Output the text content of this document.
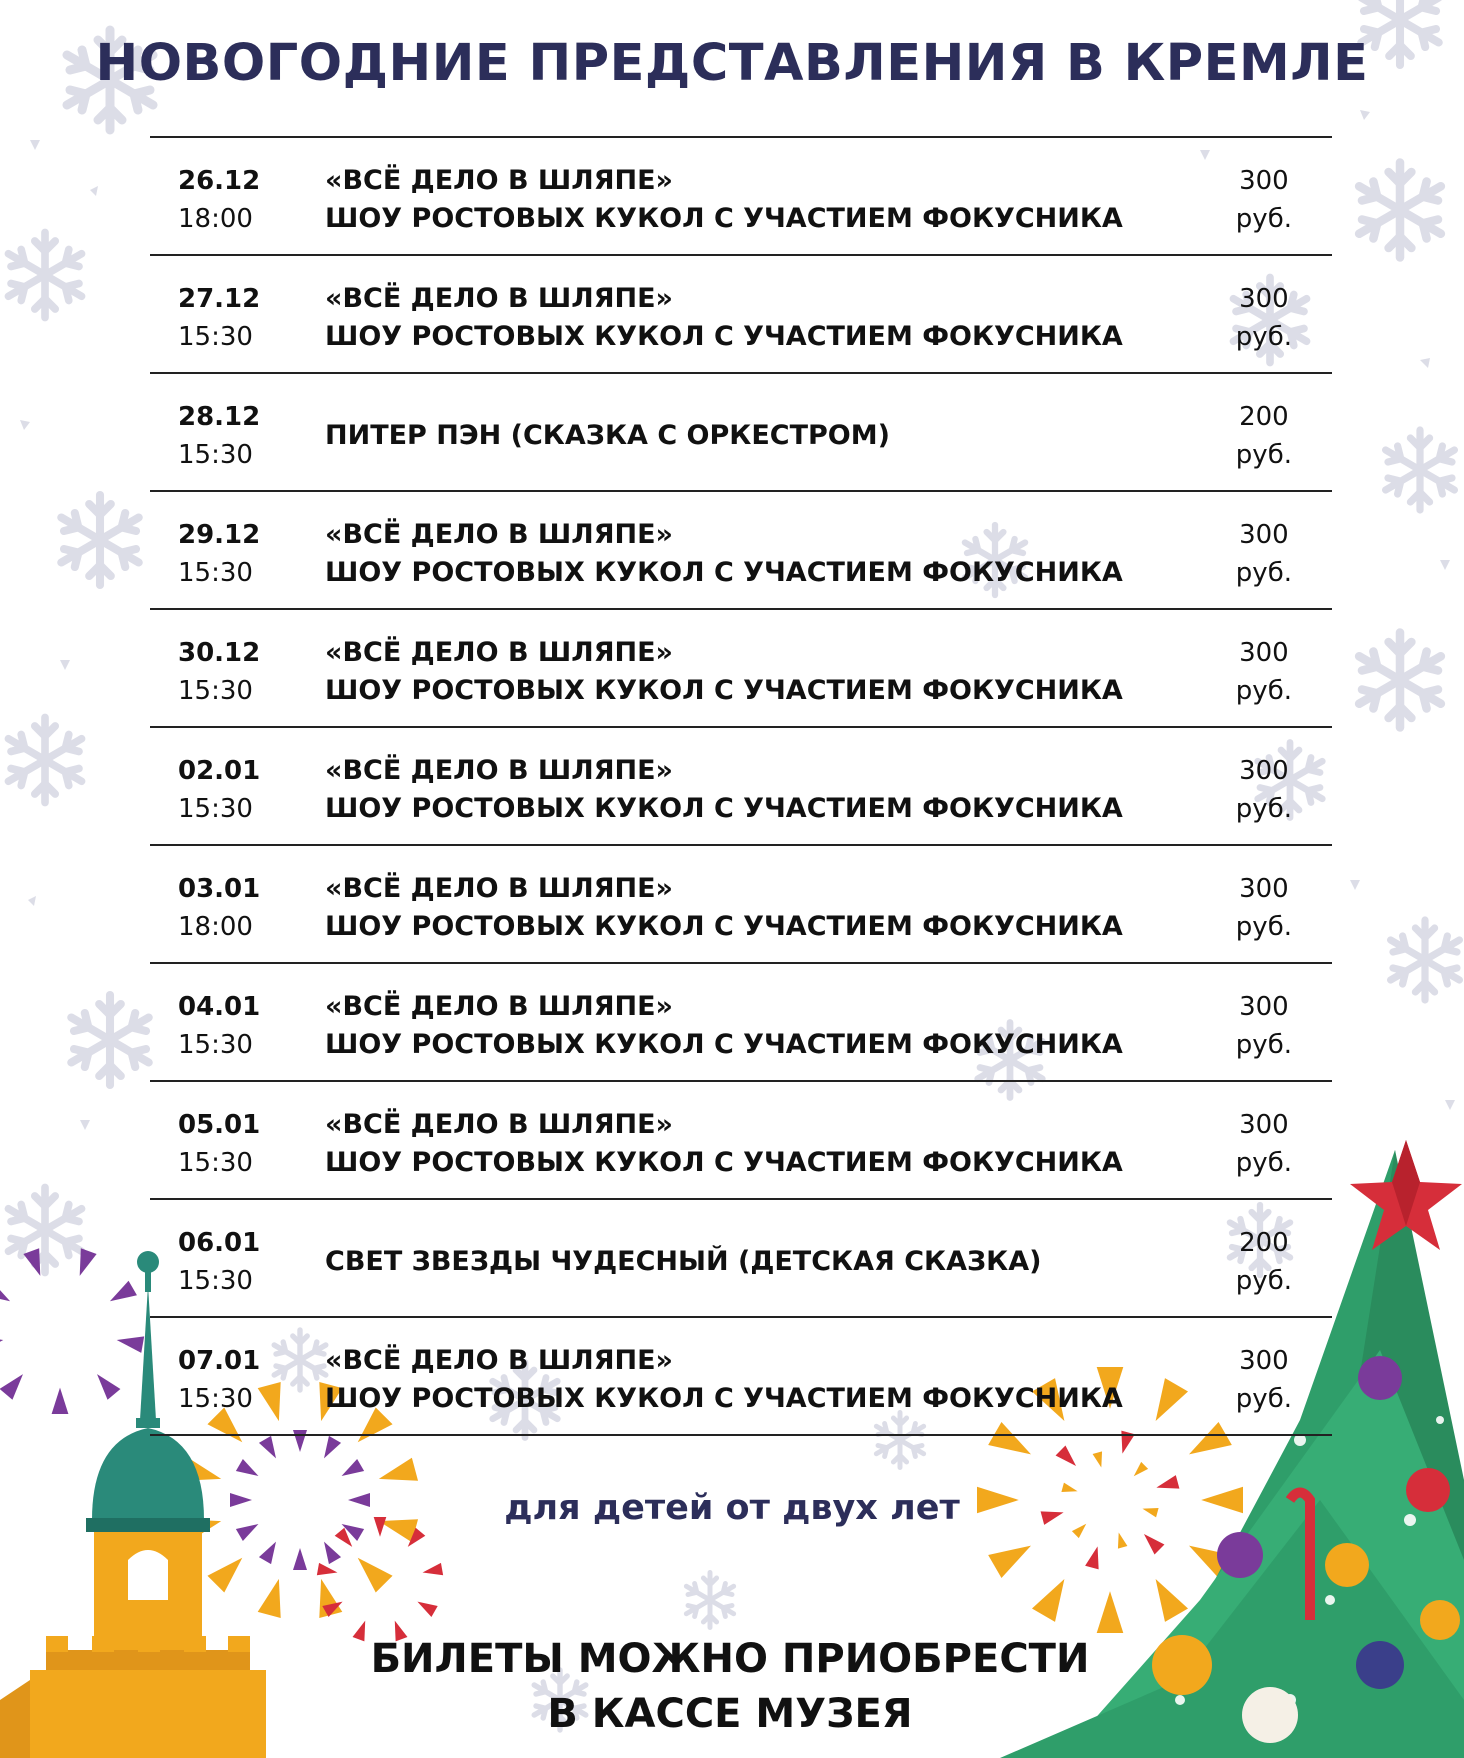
НОВОГОДНИЕ ПРЕДСТАВЛЕНИЯ В КРЕМЛЕ
26.12
18:00
«ВСЁ ДЕЛО В ШЛЯПЕ»
ШОУ РОСТОВЫХ КУКОЛ С УЧАСТИЕМ ФОКУСНИКА
300
руб.
27.12
15:30
«ВСЁ ДЕЛО В ШЛЯПЕ»
ШОУ РОСТОВЫХ КУКОЛ С УЧАСТИЕМ ФОКУСНИКА
300
руб.
28.12
15:30
ПИТЕР ПЭН (СКАЗКА С ОРКЕСТРОМ)
200
руб.
29.12
15:30
«ВСЁ ДЕЛО В ШЛЯПЕ»
ШОУ РОСТОВЫХ КУКОЛ С УЧАСТИЕМ ФОКУСНИКА
300
руб.
30.12
15:30
«ВСЁ ДЕЛО В ШЛЯПЕ»
ШОУ РОСТОВЫХ КУКОЛ С УЧАСТИЕМ ФОКУСНИКА
300
руб.
02.01
15:30
«ВСЁ ДЕЛО В ШЛЯПЕ»
ШОУ РОСТОВЫХ КУКОЛ С УЧАСТИЕМ ФОКУСНИКА
300
руб.
03.01
18:00
«ВСЁ ДЕЛО В ШЛЯПЕ»
ШОУ РОСТОВЫХ КУКОЛ С УЧАСТИЕМ ФОКУСНИКА
300
руб.
04.01
15:30
«ВСЁ ДЕЛО В ШЛЯПЕ»
ШОУ РОСТОВЫХ КУКОЛ С УЧАСТИЕМ ФОКУСНИКА
300
руб.
05.01
15:30
«ВСЁ ДЕЛО В ШЛЯПЕ»
ШОУ РОСТОВЫХ КУКОЛ С УЧАСТИЕМ ФОКУСНИКА
300
руб.
06.01
15:30
СВЕТ ЗВЕЗДЫ ЧУДЕСНЫЙ (ДЕТСКАЯ СКАЗКА)
200
руб.
07.01
15:30
«ВСЁ ДЕЛО В ШЛЯПЕ»
ШОУ РОСТОВЫХ КУКОЛ С УЧАСТИЕМ ФОКУСНИКА
300
руб.
для детей от двух лет
БИЛЕТЫ МОЖНО ПРИОБРЕСТИ
В КАССЕ МУЗЕЯ
